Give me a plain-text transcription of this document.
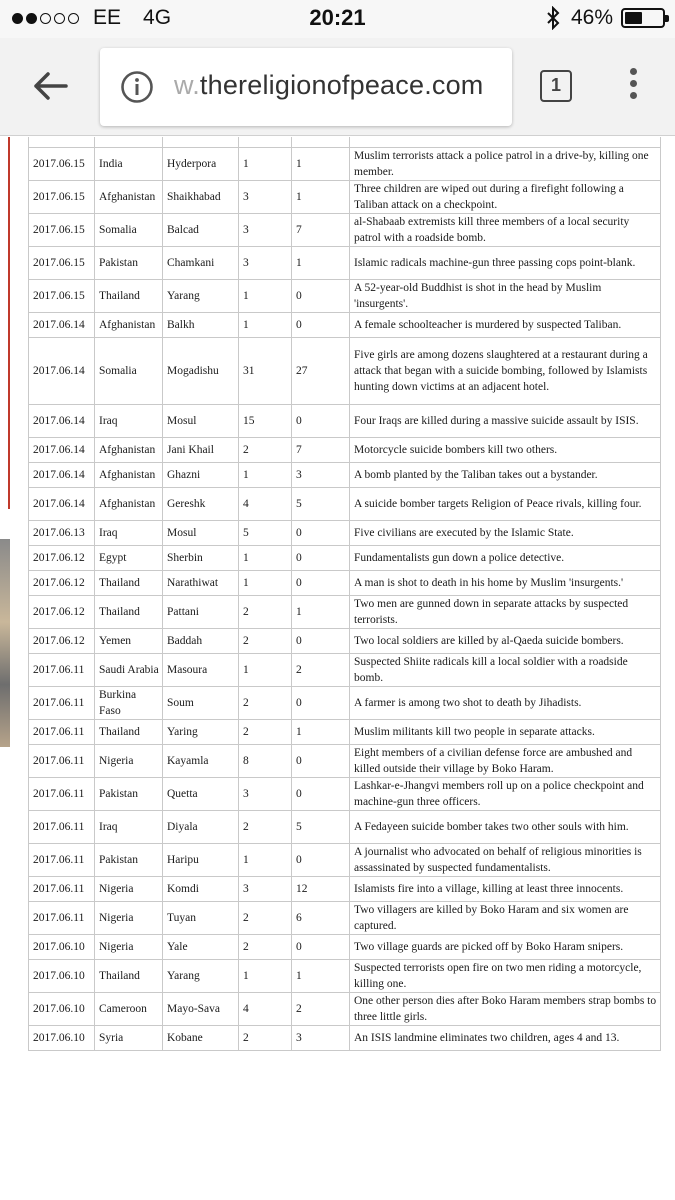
EE 4G	20:21	46%
w.thereligionofpeace.com	1

2017.06.15	India	Hyderpora	1	1	Muslim terrorists attack a police patrol in a drive-by, killing one member.
2017.06.15	Afghanistan	Shaikhabad	3	1	Three children are wiped out during a firefight following a Taliban attack on a checkpoint.
2017.06.15	Somalia	Balcad	3	7	al-Shabaab extremists kill three members of a local security patrol with a roadside bomb.
2017.06.15	Pakistan	Chamkani	3	1	Islamic radicals machine-gun three passing cops point-blank.
2017.06.15	Thailand	Yarang	1	0	A 52-year-old Buddhist is shot in the head by Muslim 'insurgents'.
2017.06.14	Afghanistan	Balkh	1	0	A female schoolteacher is murdered by suspected Taliban.
2017.06.14	Somalia	Mogadishu	31	27	Five girls are among dozens slaughtered at a restaurant during a attack that began with a suicide bombing, followed by Islamists hunting down victims at an adjacent hotel.
2017.06.14	Iraq	Mosul	15	0	Four Iraqs are killed during a massive suicide assault by ISIS.
2017.06.14	Afghanistan	Jani Khail	2	7	Motorcycle suicide bombers kill two others.
2017.06.14	Afghanistan	Ghazni	1	3	A bomb planted by the Taliban takes out a bystander.
2017.06.14	Afghanistan	Gereshk	4	5	A suicide bomber targets Religion of Peace rivals, killing four.
2017.06.13	Iraq	Mosul	5	0	Five civilians are executed by the Islamic State.
2017.06.12	Egypt	Sherbin	1	0	Fundamentalists gun down a police detective.
2017.06.12	Thailand	Narathiwat	1	0	A man is shot to death in his home by Muslim 'insurgents.'
2017.06.12	Thailand	Pattani	2	1	Two men are gunned down in separate attacks by suspected terrorists.
2017.06.12	Yemen	Baddah	2	0	Two local soldiers are killed by al-Qaeda suicide bombers.
2017.06.11	Saudi Arabia	Masoura	1	2	Suspected Shiite radicals kill a local soldier with a roadside bomb.
2017.06.11	Burkina Faso	Soum	2	0	A farmer is among two shot to death by Jihadists.
2017.06.11	Thailand	Yaring	2	1	Muslim militants kill two people in separate attacks.
2017.06.11	Nigeria	Kayamla	8	0	Eight members of a civilian defense force are ambushed and killed outside their village by Boko Haram.
2017.06.11	Pakistan	Quetta	3	0	Lashkar-e-Jhangvi members roll up on a police checkpoint and machine-gun three officers.
2017.06.11	Iraq	Diyala	2	5	A Fedayeen suicide bomber takes two other souls with him.
2017.06.11	Pakistan	Haripu	1	0	A journalist who advocated on behalf of religious minorities is assassinated by suspected fundamentalists.
2017.06.11	Nigeria	Komdi	3	12	Islamists fire into a village, killing at least three innocents.
2017.06.11	Nigeria	Tuyan	2	6	Two villagers are killed by Boko Haram and six women are captured.
2017.06.10	Nigeria	Yale	2	0	Two village guards are picked off by Boko Haram snipers.
2017.06.10	Thailand	Yarang	1	1	Suspected terrorists open fire on two men riding a motorcycle, killing one.
2017.06.10	Cameroon	Mayo-Sava	4	2	One other person dies after Boko Haram members strap bombs to three little girls.
2017.06.10	Syria	Kobane	2	3	An ISIS landmine eliminates two children, ages 4 and 13.
